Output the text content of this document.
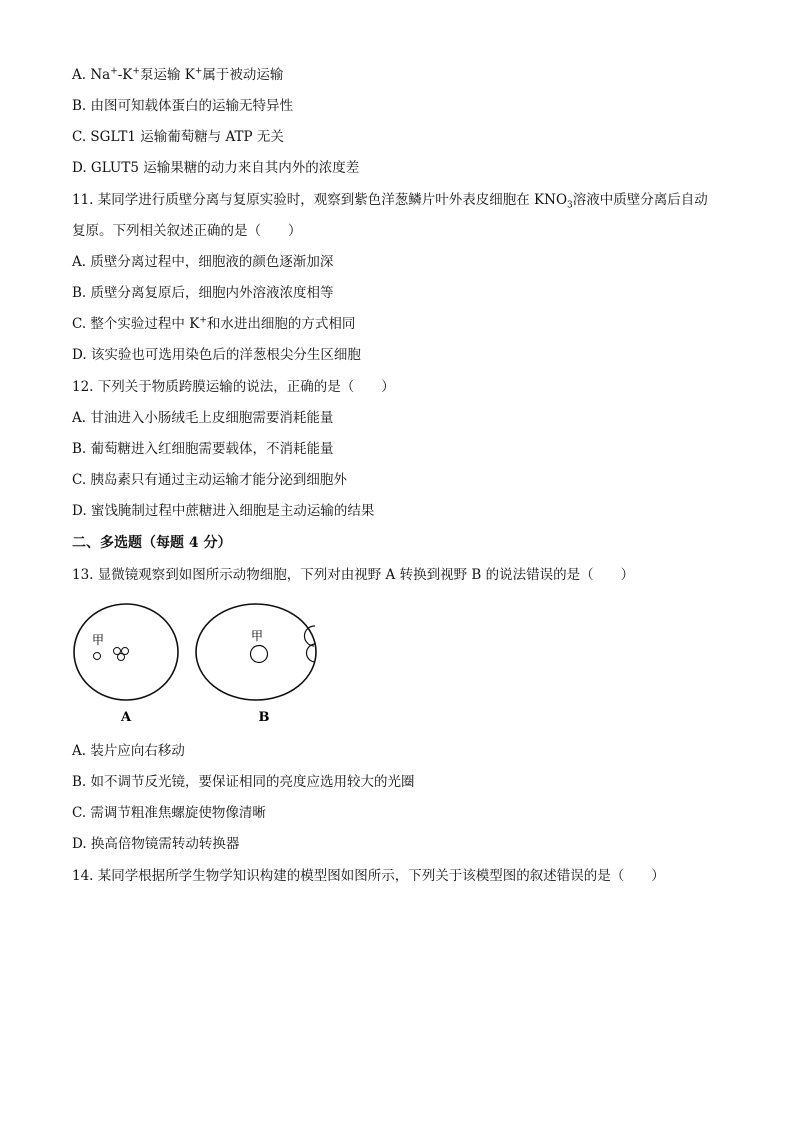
A. Na+-K+泵运输 K+属于被动运输
B. 由图可知载体蛋白的运输无特异性
C. SGLT1 运输葡萄糖与 ATP 无关
D. GLUT5 运输果糖的动力来自其内外的浓度差
11. 某同学进行质壁分离与复原实验时，观察到紫色洋葱鳞片叶外表皮细胞在 $KNO_3$溶液中质壁分离后自动
复原。下列相关叙述正确的是（　　）
A. 质壁分离过程中，细胞液的颜色逐渐加深
B. 质壁分离复原后，细胞内外溶液浓度相等
C. 整个实验过程中 K+和水进出细胞的方式相同
D. 该实验也可选用染色后的洋葱根尖分生区细胞
12. 下列关于物质跨膜运输的说法，正确的是（　　）
A. 甘油进入小肠绒毛上皮细胞需要消耗能量
B. 葡萄糖进入红细胞需要载体，不消耗能量
C. 胰岛素只有通过主动运输才能分泌到细胞外
D. 蜜饯腌制过程中蔗糖进入细胞是主动运输的结果
二、多选题（每题 4 分）
13. 显微镜观察到如图所示动物细胞，下列对由视野 A 转换到视野 B 的说法错误的是（　　）
甲
A
甲
B
A. 装片应向右移动
B. 如不调节反光镜，要保证相同的亮度应选用较大的光圈
C. 需调节粗准焦螺旋使物像清晰
D. 换高倍物镜需转动转换器
14. 某同学根据所学生物学知识构建的模型图如图所示，下列关于该模型图的叙述错误的是（　　）
